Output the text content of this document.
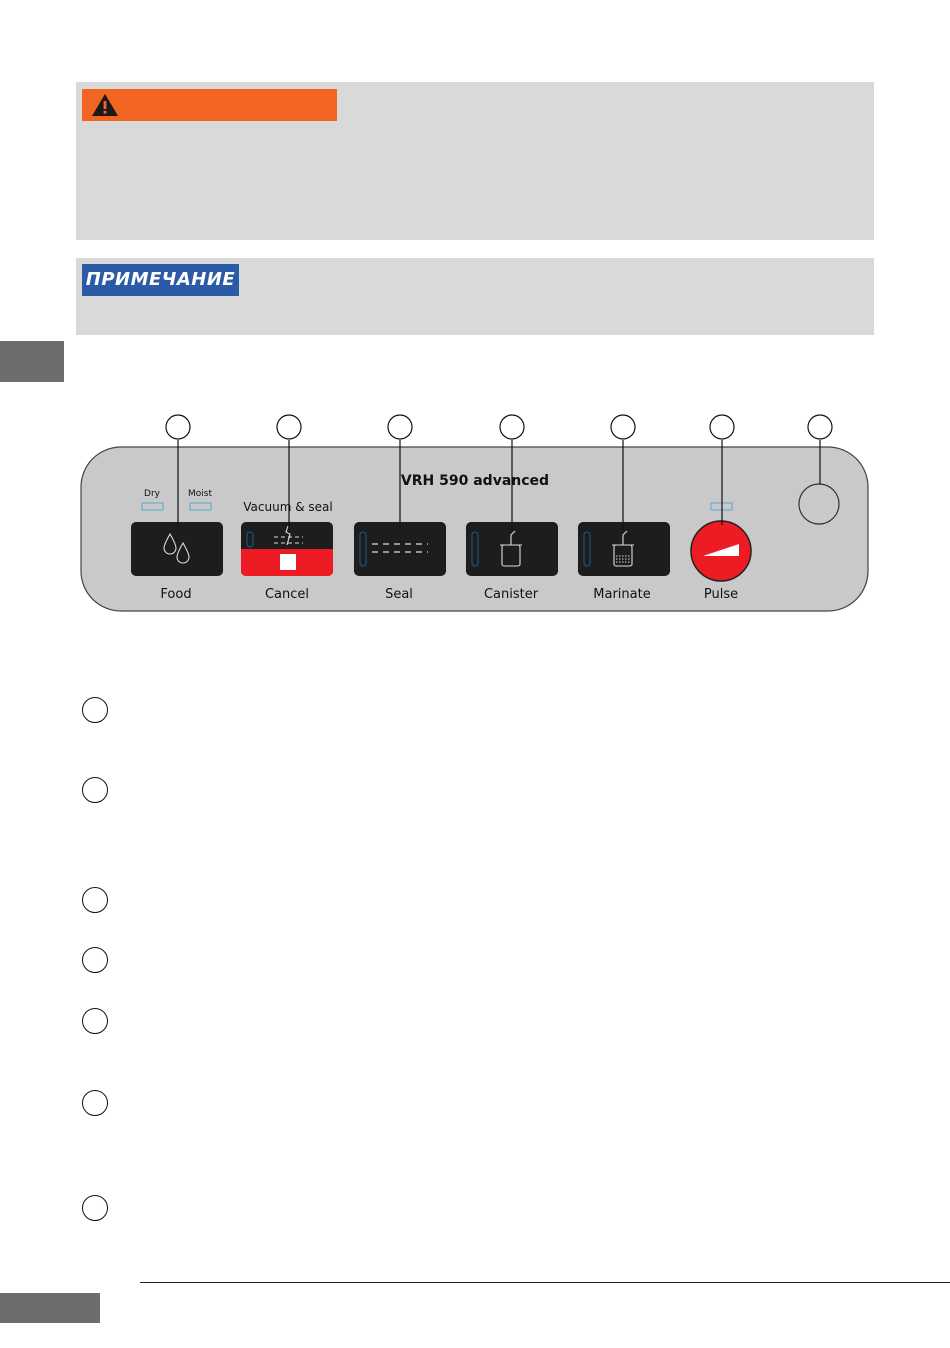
ПРИМЕЧАНИЕ
VRH 590 advanced
Dry	Moist
Vacuum & seal
Food	Cancel	Seal	Canister	Marinate	Pulse
